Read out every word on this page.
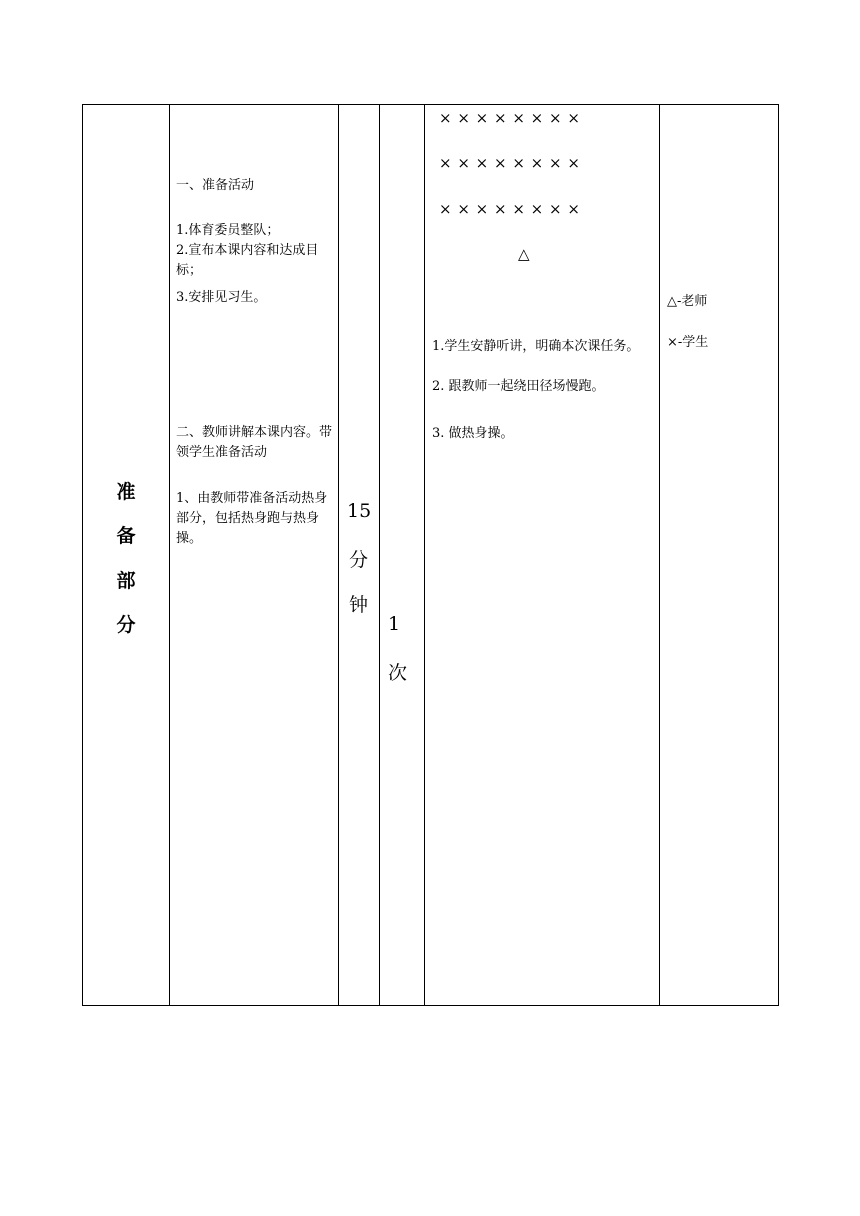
准
备
部
分
一、准备活动
1.体育委员整队；
2.宣布本课内容和达成目标；
3.安排见习生。
二、教师讲解本课内容。带领学生准备活动
1、由教师带准备活动热身部分，包括热身跑与热身操。
15
分
钟
1
次
× × × × × × × ×
× × × × × × × ×
× × × × × × × ×
△
1.学生安静听讲，明确本次课任务。
2. 跟教师一起绕田径场慢跑。
3. 做热身操。
△-老师
×-学生
